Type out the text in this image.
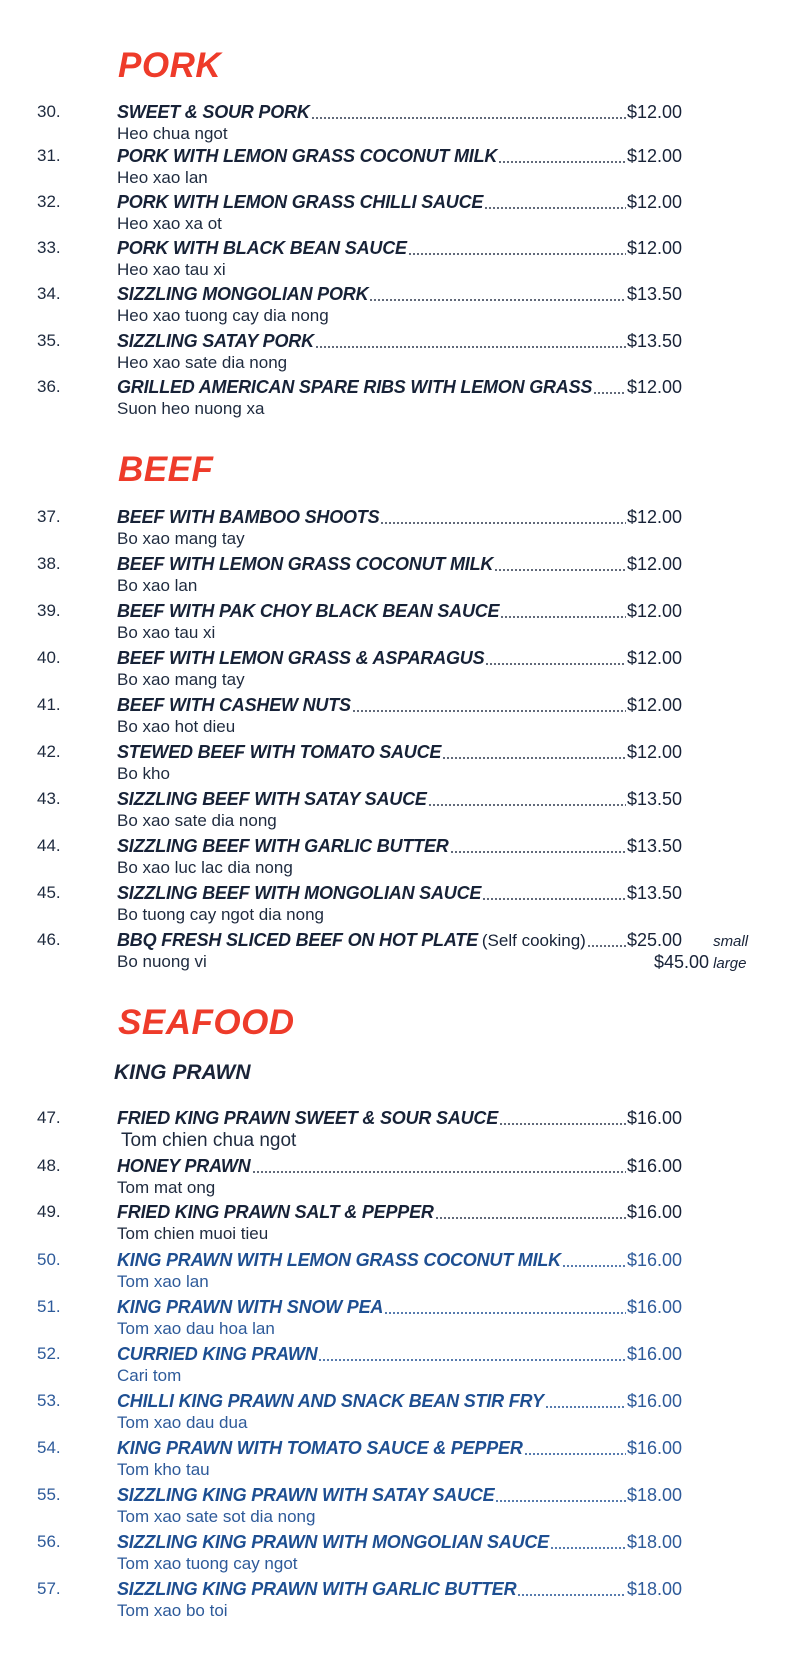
PORK
30.	SWEET & SOUR PORK	$12.00
Heo chua ngot
31.	PORK WITH LEMON GRASS COCONUT MILK	$12.00
Heo xao lan
32.	PORK WITH LEMON GRASS CHILLI SAUCE	$12.00
Heo xao xa ot
33.	PORK WITH BLACK BEAN SAUCE	$12.00
Heo xao tau xi
34.	SIZZLING MONGOLIAN PORK	$13.50
Heo xao tuong cay dia nong
35.	SIZZLING SATAY PORK	$13.50
Heo xao sate dia nong
36.	GRILLED AMERICAN SPARE RIBS WITH LEMON GRASS $12.00
Suon heo nuong xa
BEEF
37.	BEEF WITH BAMBOO SHOOTS	$12.00
Bo xao mang tay
38.	BEEF WITH LEMON GRASS COCONUT MILK	$12.00
Bo xao lan
39.	BEEF WITH PAK CHOY BLACK BEAN SAUCE	$12.00
Bo xao tau xi
40.	BEEF WITH LEMON GRASS & ASPARAGUS	$12.00
Bo xao mang tay
41.	BEEF WITH CASHEW NUTS	$12.00
Bo xao hot dieu
42.	STEWED BEEF WITH TOMATO SAUCE	$12.00
Bo kho
43.	SIZZLING BEEF WITH SATAY SAUCE	$13.50
Bo xao sate dia nong
44.	SIZZLING BEEF WITH GARLIC BUTTER	$13.50
Bo xao luc lac dia nong
45.	SIZZLING BEEF WITH MONGOLIAN SAUCE	$13.50
Bo tuong cay ngot dia nong
46.	BBQ FRESH SLICED BEEF ON HOT PLATE (Self cooking) $25.00	small
Bo nuong vi	$45.00 large
SEAFOOD
KING PRAWN
47.	FRIED KING PRAWN SWEET & SOUR SAUCE	$16.00
Tom chien chua ngot
48.	HONEY PRAWN	$16.00
Tom mat ong
49.	FRIED KING PRAWN SALT & PEPPER	$16.00
Tom chien muoi tieu
50.	KING PRAWN WITH LEMON GRASS COCONUT MILK	$16.00
Tom xao lan
51.	KING PRAWN WITH SNOW PEA	$16.00
Tom xao dau hoa lan
52.	CURRIED KING PRAWN	$16.00
Cari tom
53.	CHILLI KING PRAWN AND SNACK BEAN STIR FRY	$16.00
Tom xao dau dua
54.	KING PRAWN WITH TOMATO SAUCE & PEPPER	$16.00
Tom kho tau
55.	SIZZLING KING PRAWN WITH SATAY SAUCE	$18.00
Tom xao sate sot dia nong
56.	SIZZLING KING PRAWN WITH MONGOLIAN SAUCE	$18.00
Tom xao tuong cay ngot
57.	SIZZLING KING PRAWN WITH GARLIC BUTTER	$18.00
Tom xao bo toi
